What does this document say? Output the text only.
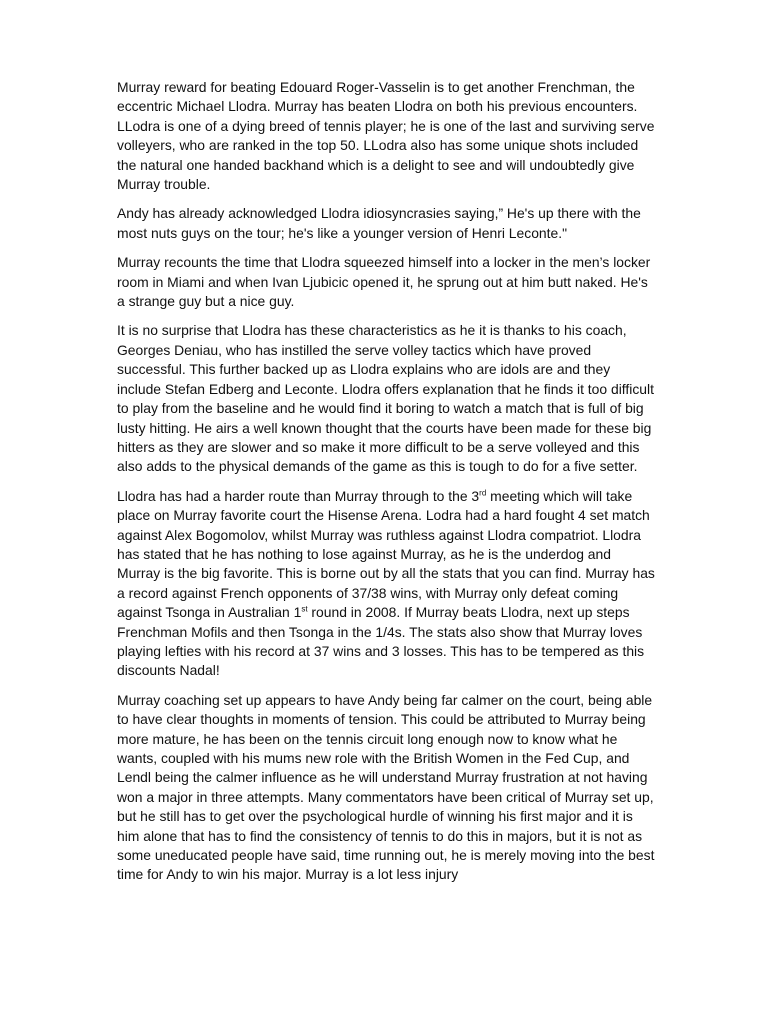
Murray reward for beating Edouard Roger-Vasselin is to get another Frenchman, the eccentric Michael Llodra. Murray has beaten Llodra on both his previous encounters. LLodra is one of a dying breed of tennis player; he is one of the last and surviving serve volleyers, who are ranked in the top 50. LLodra also has some unique shots included the natural one handed backhand which is a delight to see and will undoubtedly give Murray trouble.

Andy has already acknowledged Llodra idiosyncrasies saying,” He's up there with the most nuts guys on the tour; he's like a younger version of Henri Leconte."

Murray recounts the time that Llodra squeezed himself into a locker in the men’s locker room in Miami and when Ivan Ljubicic opened it, he sprung out at him butt naked. He's a strange guy but a nice guy.

It is no surprise that Llodra has these characteristics as he it is thanks to his coach, Georges Deniau, who has instilled the serve volley tactics which have proved successful. This further backed up as Llodra explains who are idols are and they include Stefan Edberg and Leconte. Llodra offers explanation that he finds it too difficult to play from the baseline and he would find it boring to watch a match that is full of big lusty hitting. He airs a well known thought that the courts have been made for these big hitters as they are slower and so make it more difficult to be a serve volleyed and this also adds to the physical demands of the game as this is tough to do for a five setter.

Llodra has had a harder route than Murray through to the 3rd meeting which will take place on Murray favorite court the Hisense Arena. Lodra had a hard fought 4 set match against Alex Bogomolov, whilst Murray was ruthless against Llodra compatriot. Llodra has stated that he has nothing to lose against Murray, as he is the underdog and Murray is the big favorite. This is borne out by all the stats that you can find. Murray has a record against French opponents of 37/38 wins, with Murray only defeat coming against Tsonga in Australian 1st round in 2008. If Murray beats Llodra, next up steps Frenchman Mofils and then Tsonga in the 1/4s. The stats also show that Murray loves playing lefties with his record at 37 wins and 3 losses. This has to be tempered as this discounts Nadal!

Murray coaching set up appears to have Andy being far calmer on the court, being able to have clear thoughts in moments of tension. This could be attributed to Murray being more mature, he has been on the tennis circuit long enough now to know what he wants, coupled with his mums new role with the British Women in the Fed Cup, and Lendl being the calmer influence as he will understand Murray frustration at not having won a major in three attempts. Many commentators have been critical of Murray set up, but he still has to get over the psychological hurdle of winning his first major and it is him alone that has to find the consistency of tennis to do this in majors, but it is not as some uneducated people have said, time running out, he is merely moving into the best time for Andy to win his major. Murray is a lot less injury
